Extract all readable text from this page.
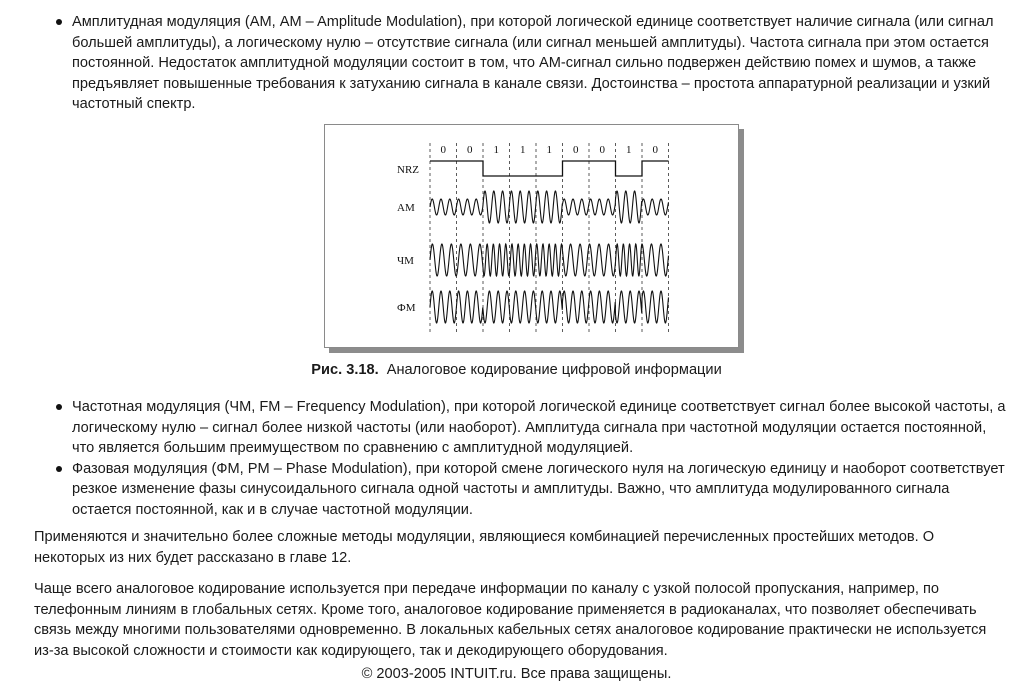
Амплитудная модуляция (АМ, AM – Amplitude Modulation), при которой логической единице соответствует наличие сигнала (или сигнал большей амплитуды), а логическому нулю – отсутствие сигнала (или сигнал меньшей амплитуды). Частота сигнала при этом остается постоянной. Недостаток амплитудной модуляции состоит в том, что АМ-сигнал сильно подвержен действию помех и шумов, а также предъявляет повышенные требования к затуханию сигнала в канале связи. Достоинства – простота аппаратурной реализации и узкий частотный спектр.
0 0 1 1 1 0 0 1 0
NRZ
AM
ЧМ
ФМ
Рис. 3.18. Аналоговое кодирование цифровой информации
Частотная модуляция (ЧМ, FM – Frequency Modulation), при которой логической единице соответствует сигнал более высокой частоты, а логическому нулю – сигнал более низкой частоты (или наоборот). Амплитуда сигнала при частотной модуляции остается постоянной, что является большим преимуществом по сравнению с амплитудной модуляцией.
Фазовая модуляция (ФМ, PM – Phase Modulation), при которой смене логического нуля на логическую единицу и наоборот соответствует резкое изменение фазы синусоидального сигнала одной частоты и амплитуды. Важно, что амплитуда модулированного сигнала остается постоянной, как и в случае частотной модуляции.

Применяются и значительно более сложные методы модуляции, являющиеся комбинацией перечисленных простейших методов. О некоторых из них будет рассказано в главе 12.

Чаще всего аналоговое кодирование используется при передаче информации по каналу с узкой полосой пропускания, например, по телефонным линиям в глобальных сетях. Кроме того, аналоговое кодирование применяется в радиоканалах, что позволяет обеспечивать связь между многими пользователями одновременно. В локальных кабельных сетях аналоговое кодирование практически не используется из-за высокой сложности и стоимости как кодирующего, так и декодирующего оборудования.

© 2003-2005 INTUIT.ru. Все права защищены.
